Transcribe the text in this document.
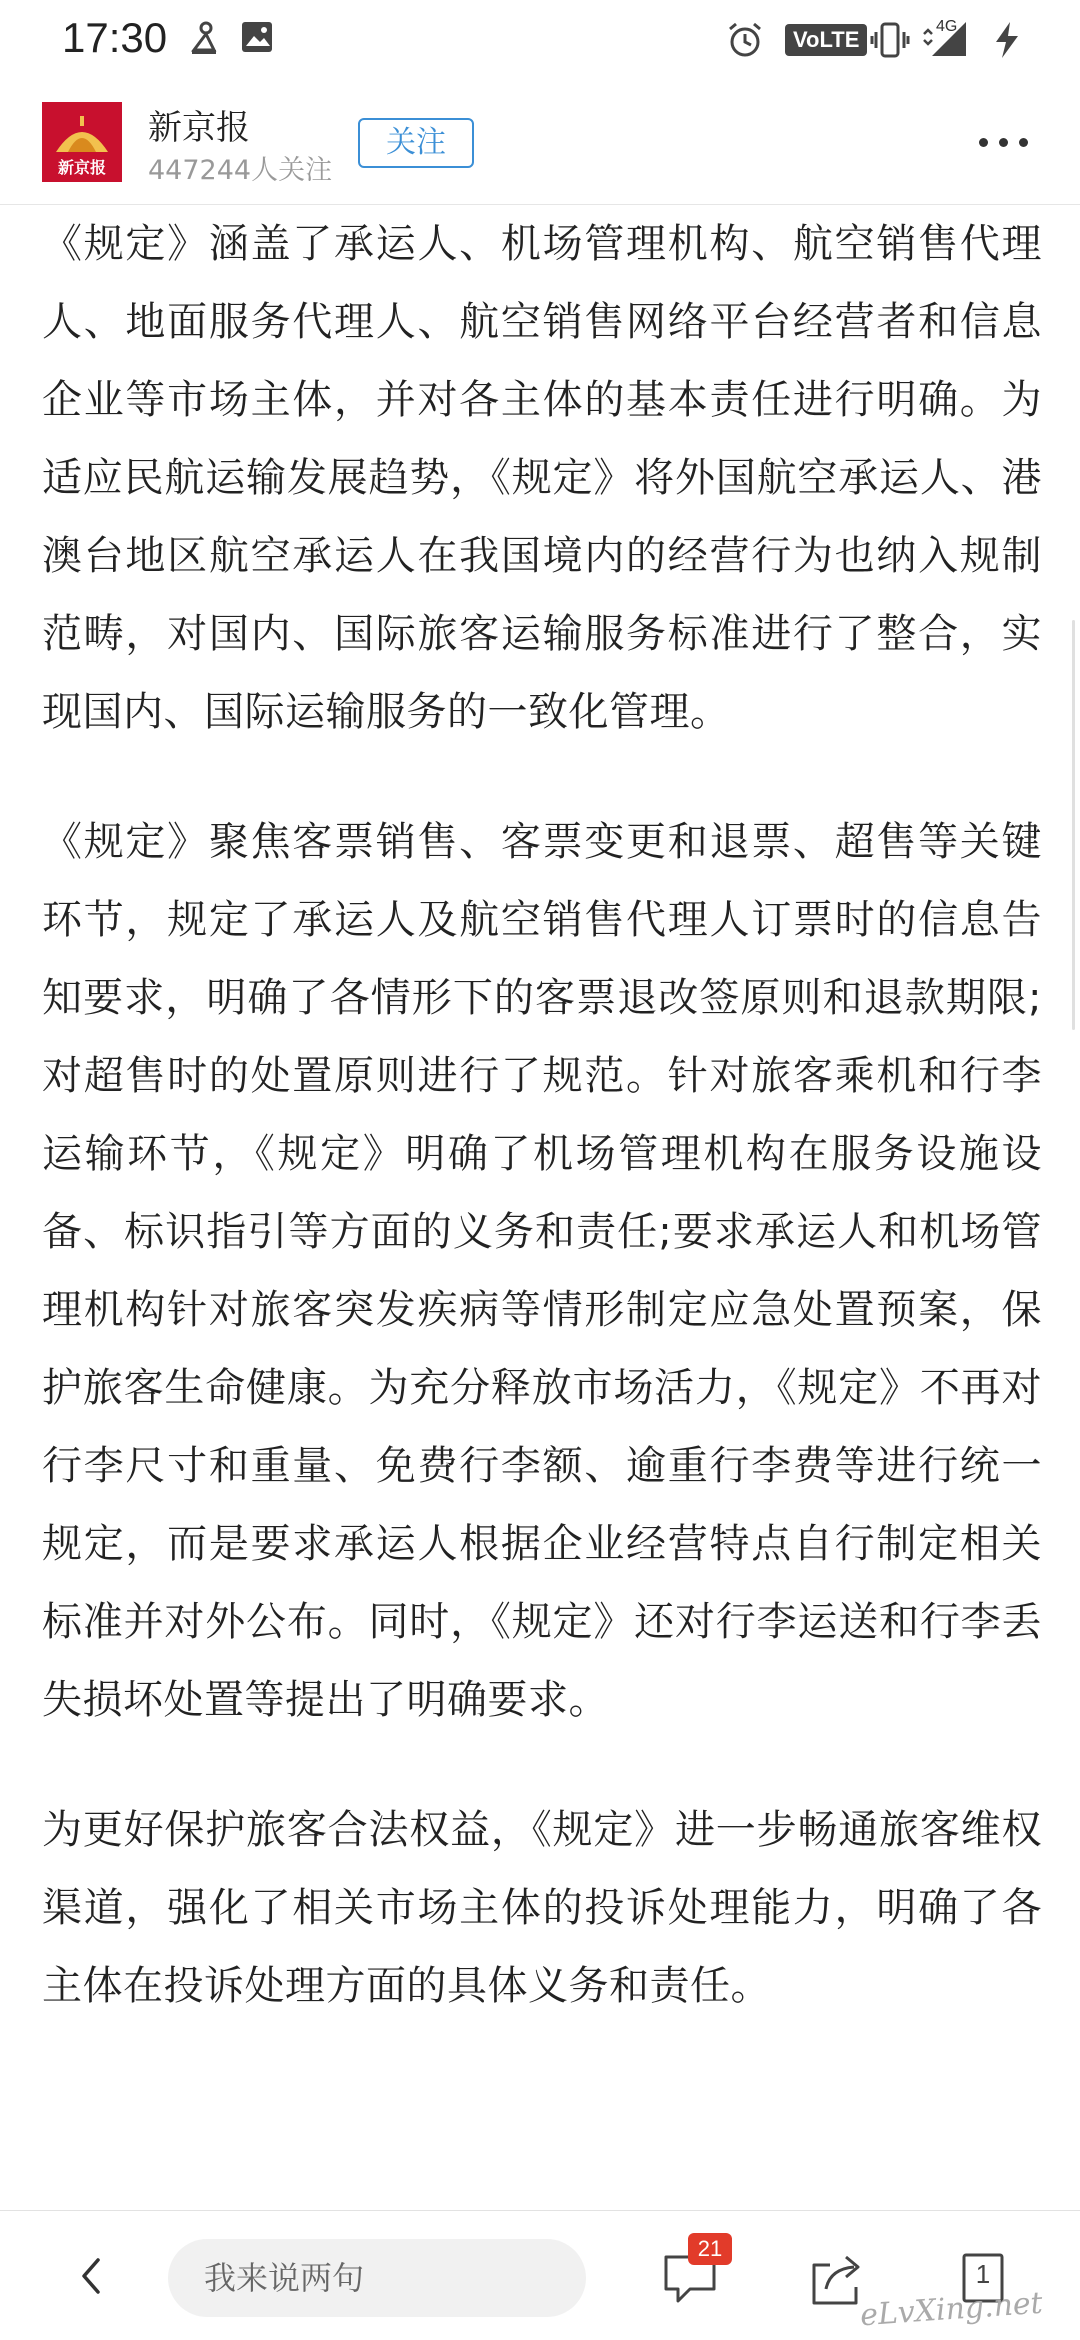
17:30	VoLTE
4G
新京报
新京报
447244人关注
关注

《规定》涵盖了承运人、机场管理机构、航空销售代理人、地面服务代理人、航空销售网络平台经营者和信息企业等市场主体，并对各主体的基本责任进行明确。为适应民航运输发展趋势，《规定》将外国航空承运人、港澳台地区航空承运人在我国境内的经营行为也纳入规制范畴，对国内、国际旅客运输服务标准进行了整合，实现国内、国际运输服务的一致化管理。

《规定》聚焦客票销售、客票变更和退票、超售等关键环节，规定了承运人及航空销售代理人订票时的信息告知要求，明确了各情形下的客票退改签原则和退款期限;对超售时的处置原则进行了规范。针对旅客乘机和行李运输环节，《规定》明确了机场管理机构在服务设施设备、标识指引等方面的义务和责任;要求承运人和机场管理机构针对旅客突发疾病等情形制定应急处置预案，保护旅客生命健康。为充分释放市场活力，《规定》不再对行李尺寸和重量、免费行李额、逾重行李费等进行统一规定，而是要求承运人根据企业经营特点自行制定相关标准并对外公布。同时，《规定》还对行李运送和行李丢失损坏处置等提出了明确要求。

为更好保护旅客合法权益，《规定》进一步畅通旅客维权渠道，强化了相关市场主体的投诉处理能力，明确了各主体在投诉处理方面的具体义务和责任。

我来说两句
21
1
eLvXing.net
